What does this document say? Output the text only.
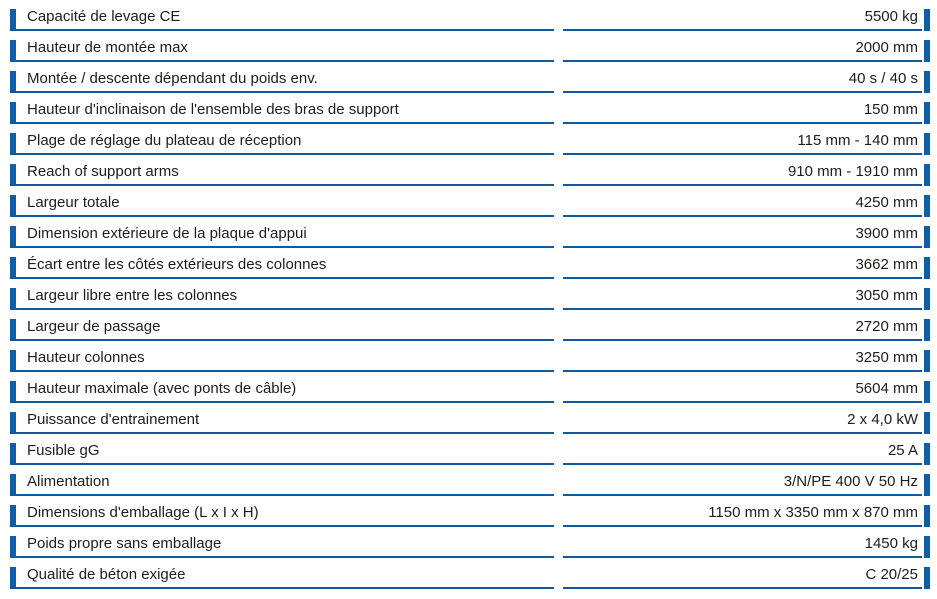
Capacité de levage CE	5500 kg
Hauteur de montée max	2000 mm
Montée / descente dépendant du poids env.	40 s / 40 s
Hauteur d'inclinaison de l'ensemble des bras de support	150 mm
Plage de réglage du plateau de réception	115 mm - 140 mm
Reach of support arms	910 mm - 1910 mm
Largeur totale	4250 mm
Dimension extérieure de la plaque d'appui	3900 mm
Écart entre les côtés extérieurs des colonnes	3662 mm
Largeur libre entre les colonnes	3050 mm
Largeur de passage	2720 mm
Hauteur colonnes	3250 mm
Hauteur maximale (avec ponts de câble)	5604 mm
Puissance d'entrainement	2 x 4,0 kW
Fusible gG	25 A
Alimentation	3/N/PE 400 V 50 Hz
Dimensions d'emballage (L x I x H)	1150 mm x 3350 mm x 870 mm
Poids propre sans emballage	1450 kg
Qualité de béton exigée	C 20/25
